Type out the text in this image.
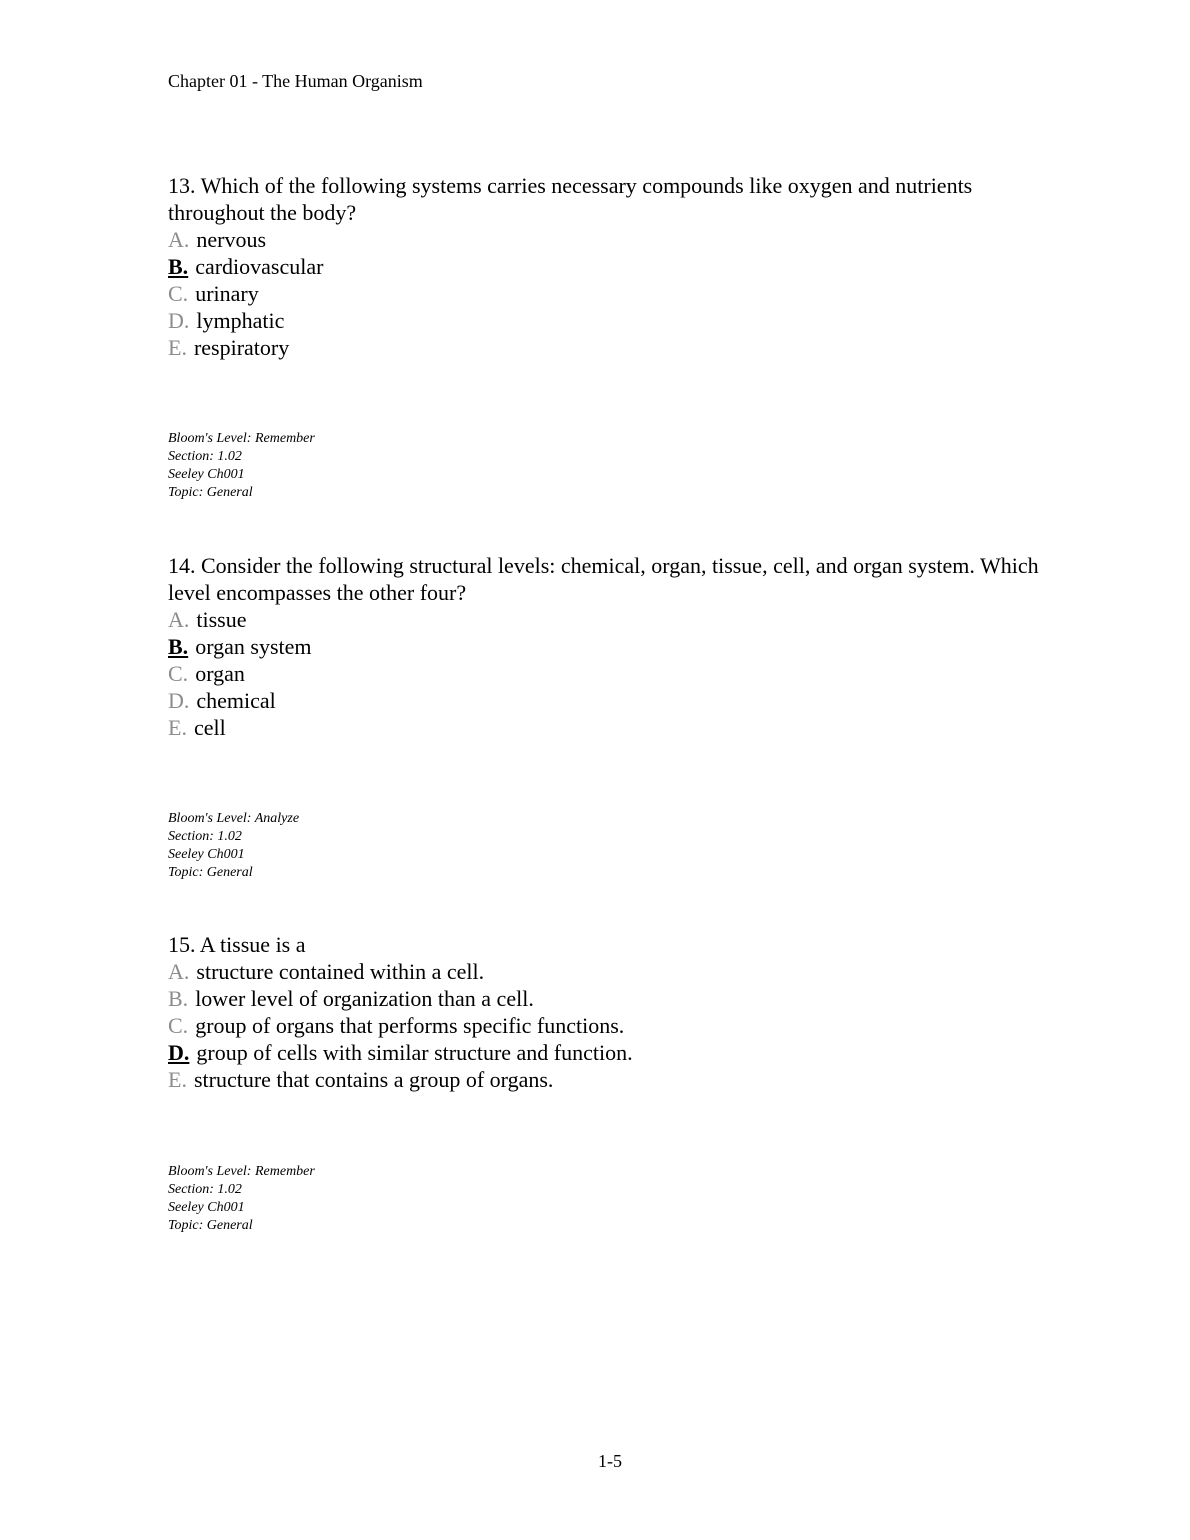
Chapter 01 - The Human Organism

13. Which of the following systems carries necessary compounds like oxygen and nutrients throughout the body?

A. nervous
B. cardiovascular
C. urinary
D. lymphatic
E. respiratory
Bloom's Level: Remember
Section: 1.02
Seeley Ch001
Topic: General

14. Consider the following structural levels: chemical, organ, tissue, cell, and organ system. Which level encompasses the other four?

A. tissue
B. organ system
C. organ
D. chemical
E. cell
Bloom's Level: Analyze
Section: 1.02
Seeley Ch001
Topic: General

15. A tissue is a

A. structure contained within a cell.
B. lower level of organization than a cell.
C. group of organs that performs specific functions.
D. group of cells with similar structure and function.
E. structure that contains a group of organs.
Bloom's Level: Remember
Section: 1.02
Seeley Ch001
Topic: General
1-5
